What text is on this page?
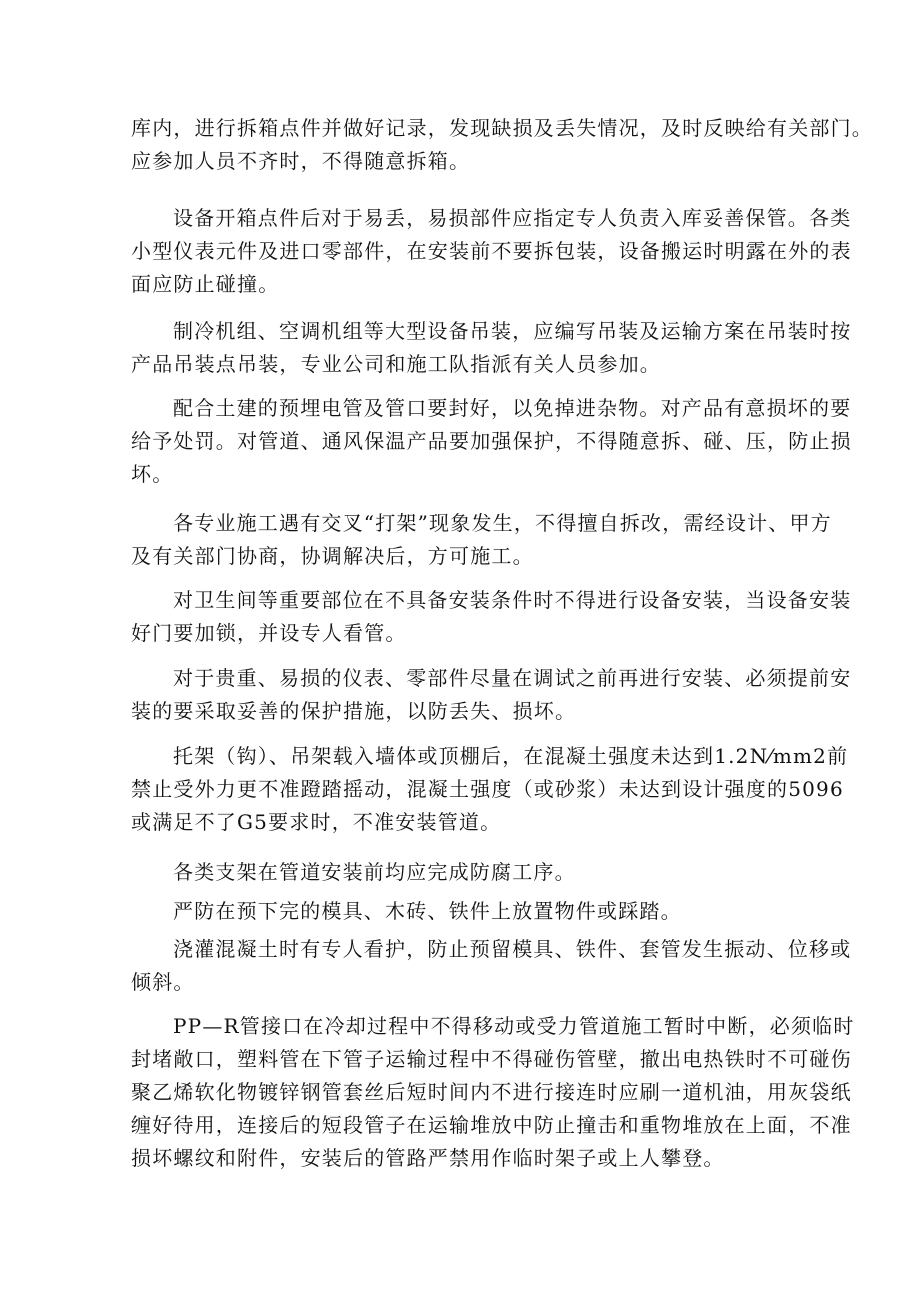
库内，进行拆箱点件并做好记录，发现缺损及丢失情况，及时反映给有关部门。
应参加人员不齐时，不得随意拆箱。

设备开箱点件后对于易丢，易损部件应指定专人负责入库妥善保管。各类
小型仪表元件及进口零部件，在安装前不要拆包装，设备搬运时明露在外的表
面应防止碰撞。

制冷机组、空调机组等大型设备吊装，应编写吊装及运输方案在吊装时按
产品吊装点吊装，专业公司和施工队指派有关人员参加。

配合土建的预埋电管及管口要封好，以免掉进杂物。对产品有意损坏的要
给予处罚。对管道、通风保温产品要加强保护，不得随意拆、碰、压，防止损
坏。

各专业施工遇有交叉“打架”现象发生，不得擅自拆改，需经设计、甲方
及有关部门协商，协调解决后，方可施工。

对卫生间等重要部位在不具备安装条件时不得进行设备安装，当设备安装
好门要加锁，并设专人看管。

对于贵重、易损的仪表、零部件尽量在调试之前再进行安装、必须提前安
装的要采取妥善的保护措施，以防丢失、损坏。

托架（钩）、吊架载入墙体或顶棚后，在混凝土强度未达到1.2N⁄mm2前
禁止受外力更不准蹬踏摇动，混凝土强度（或砂浆）未达到设计强度的5096
或满足不了G5要求时，不准安装管道。

各类支架在管道安装前均应完成防腐工序。

严防在预下完的模具、木砖、铁件上放置物件或踩踏。

浇灌混凝土时有专人看护，防止预留模具、铁件、套管发生振动、位移或
倾斜。

PP—R管接口在冷却过程中不得移动或受力管道施工暂时中断，必须临时
封堵敞口，塑料管在下管子运输过程中不得碰伤管壁，撤出电热铁时不可碰伤
聚乙烯软化物镀锌钢管套丝后短时间内不进行接连时应刷一道机油，用灰袋纸
缠好待用，连接后的短段管子在运输堆放中防止撞击和重物堆放在上面，不准
损坏螺纹和附件，安装后的管路严禁用作临时架子或上人攀登。
